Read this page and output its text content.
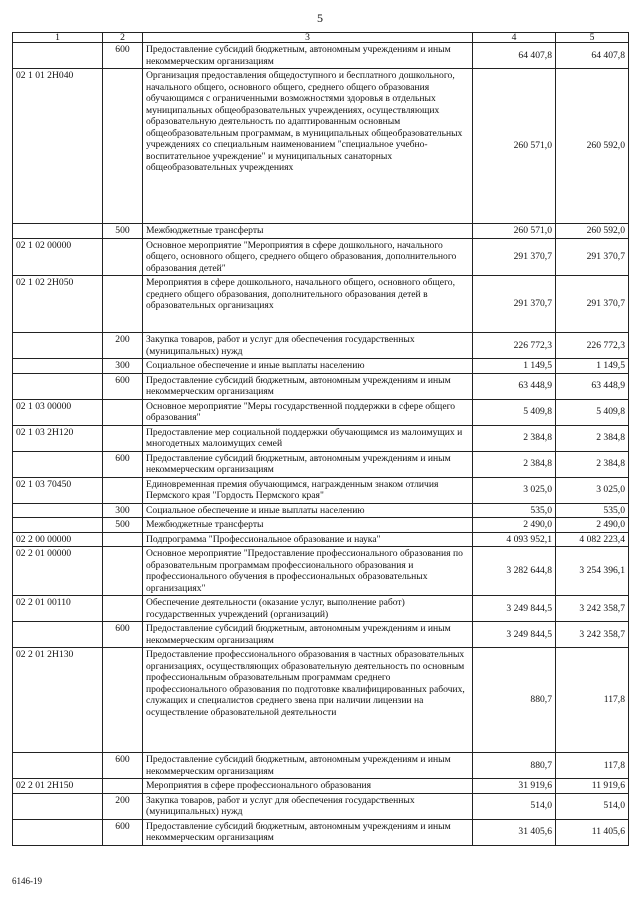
5
1	2	3	4	5
	600	Предоставление субсидий бюджетным, автономным учреждениям и иным некоммерческим организациям	64 407,8	64 407,8
02 1 01 2Н040		Организация предоставления общедоступного и бесплатного дошкольного, начального общего, основного общего, среднего общего образования обучающимся с ограниченными возможностями здоровья в отдельных муниципальных общеобразовательных учреждениях, осуществляющих образовательную деятельность по адаптированным основным общеобразовательным программам, в муниципальных общеобразовательных учреждениях со специальным наименованием "специальное учебно-воспитательное учреждение" и муниципальных санаторных общеобразовательных учреждениях	260 571,0	260 592,0
	500	Межбюджетные трансферты	260 571,0	260 592,0
02 1 02 00000		Основное мероприятие "Мероприятия в сфере дошкольного, начального общего, основного общего, среднего общего образования, дополнительного образования детей"	291 370,7	291 370,7
02 1 02 2Н050		Мероприятия в сфере дошкольного, начального общего, основного общего, среднего общего образования, дополнительного образования детей в образовательных организациях	291 370,7	291 370,7
	200	Закупка товаров, работ и услуг для обеспечения государственных (муниципальных) нужд	226 772,3	226 772,3
	300	Социальное обеспечение и иные выплаты населению	1 149,5	1 149,5
	600	Предоставление субсидий бюджетным, автономным учреждениям и иным некоммерческим организациям	63 448,9	63 448,9
02 1 03 00000		Основное мероприятие "Меры государственной поддержки в сфере общего образования"	5 409,8	5 409,8
02 1 03 2Н120		Предоставление мер социальной поддержки обучающимся из малоимущих и многодетных малоимущих семей	2 384,8	2 384,8
	600	Предоставление субсидий бюджетным, автономным учреждениям и иным некоммерческим организациям	2 384,8	2 384,8
02 1 03 70450		Единовременная премия обучающимся, награжденным знаком отличия Пермского края "Гордость Пермского края"	3 025,0	3 025,0
	300	Социальное обеспечение и иные выплаты населению	535,0	535,0
	500	Межбюджетные трансферты	2 490,0	2 490,0
02 2 00 00000		Подпрограмма "Профессиональное образование и наука"	4 093 952,1	4 082 223,4
02 2 01 00000		Основное мероприятие "Предоставление профессионального образования по образовательным программам профессионального образования и профессионального обучения в профессиональных образовательных организациях"	3 282 644,8	3 254 396,1
02 2 01 00110		Обеспечение деятельности (оказание услуг, выполнение работ) государственных учреждений (организаций)	3 249 844,5	3 242 358,7
	600	Предоставление субсидий бюджетным, автономным учреждениям и иным некоммерческим организациям	3 249 844,5	3 242 358,7
02 2 01 2Н130		Предоставление профессионального образования в частных образовательных организациях, осуществляющих образовательную деятельность по основным профессиональным образовательным программам среднего профессионального образования по подготовке квалифицированных рабочих, служащих и специалистов среднего звена при наличии лицензии на осуществление образовательной деятельности	880,7	117,8
	600	Предоставление субсидий бюджетным, автономным учреждениям и иным некоммерческим организациям	880,7	117,8
02 2 01 2Н150		Мероприятия в сфере профессионального образования	31 919,6	11 919,6
	200	Закупка товаров, работ и услуг для обеспечения государственных (муниципальных) нужд	514,0	514,0
	600	Предоставление субсидий бюджетным, автономным учреждениям и иным некоммерческим организациям	31 405,6	11 405,6
6146-19
